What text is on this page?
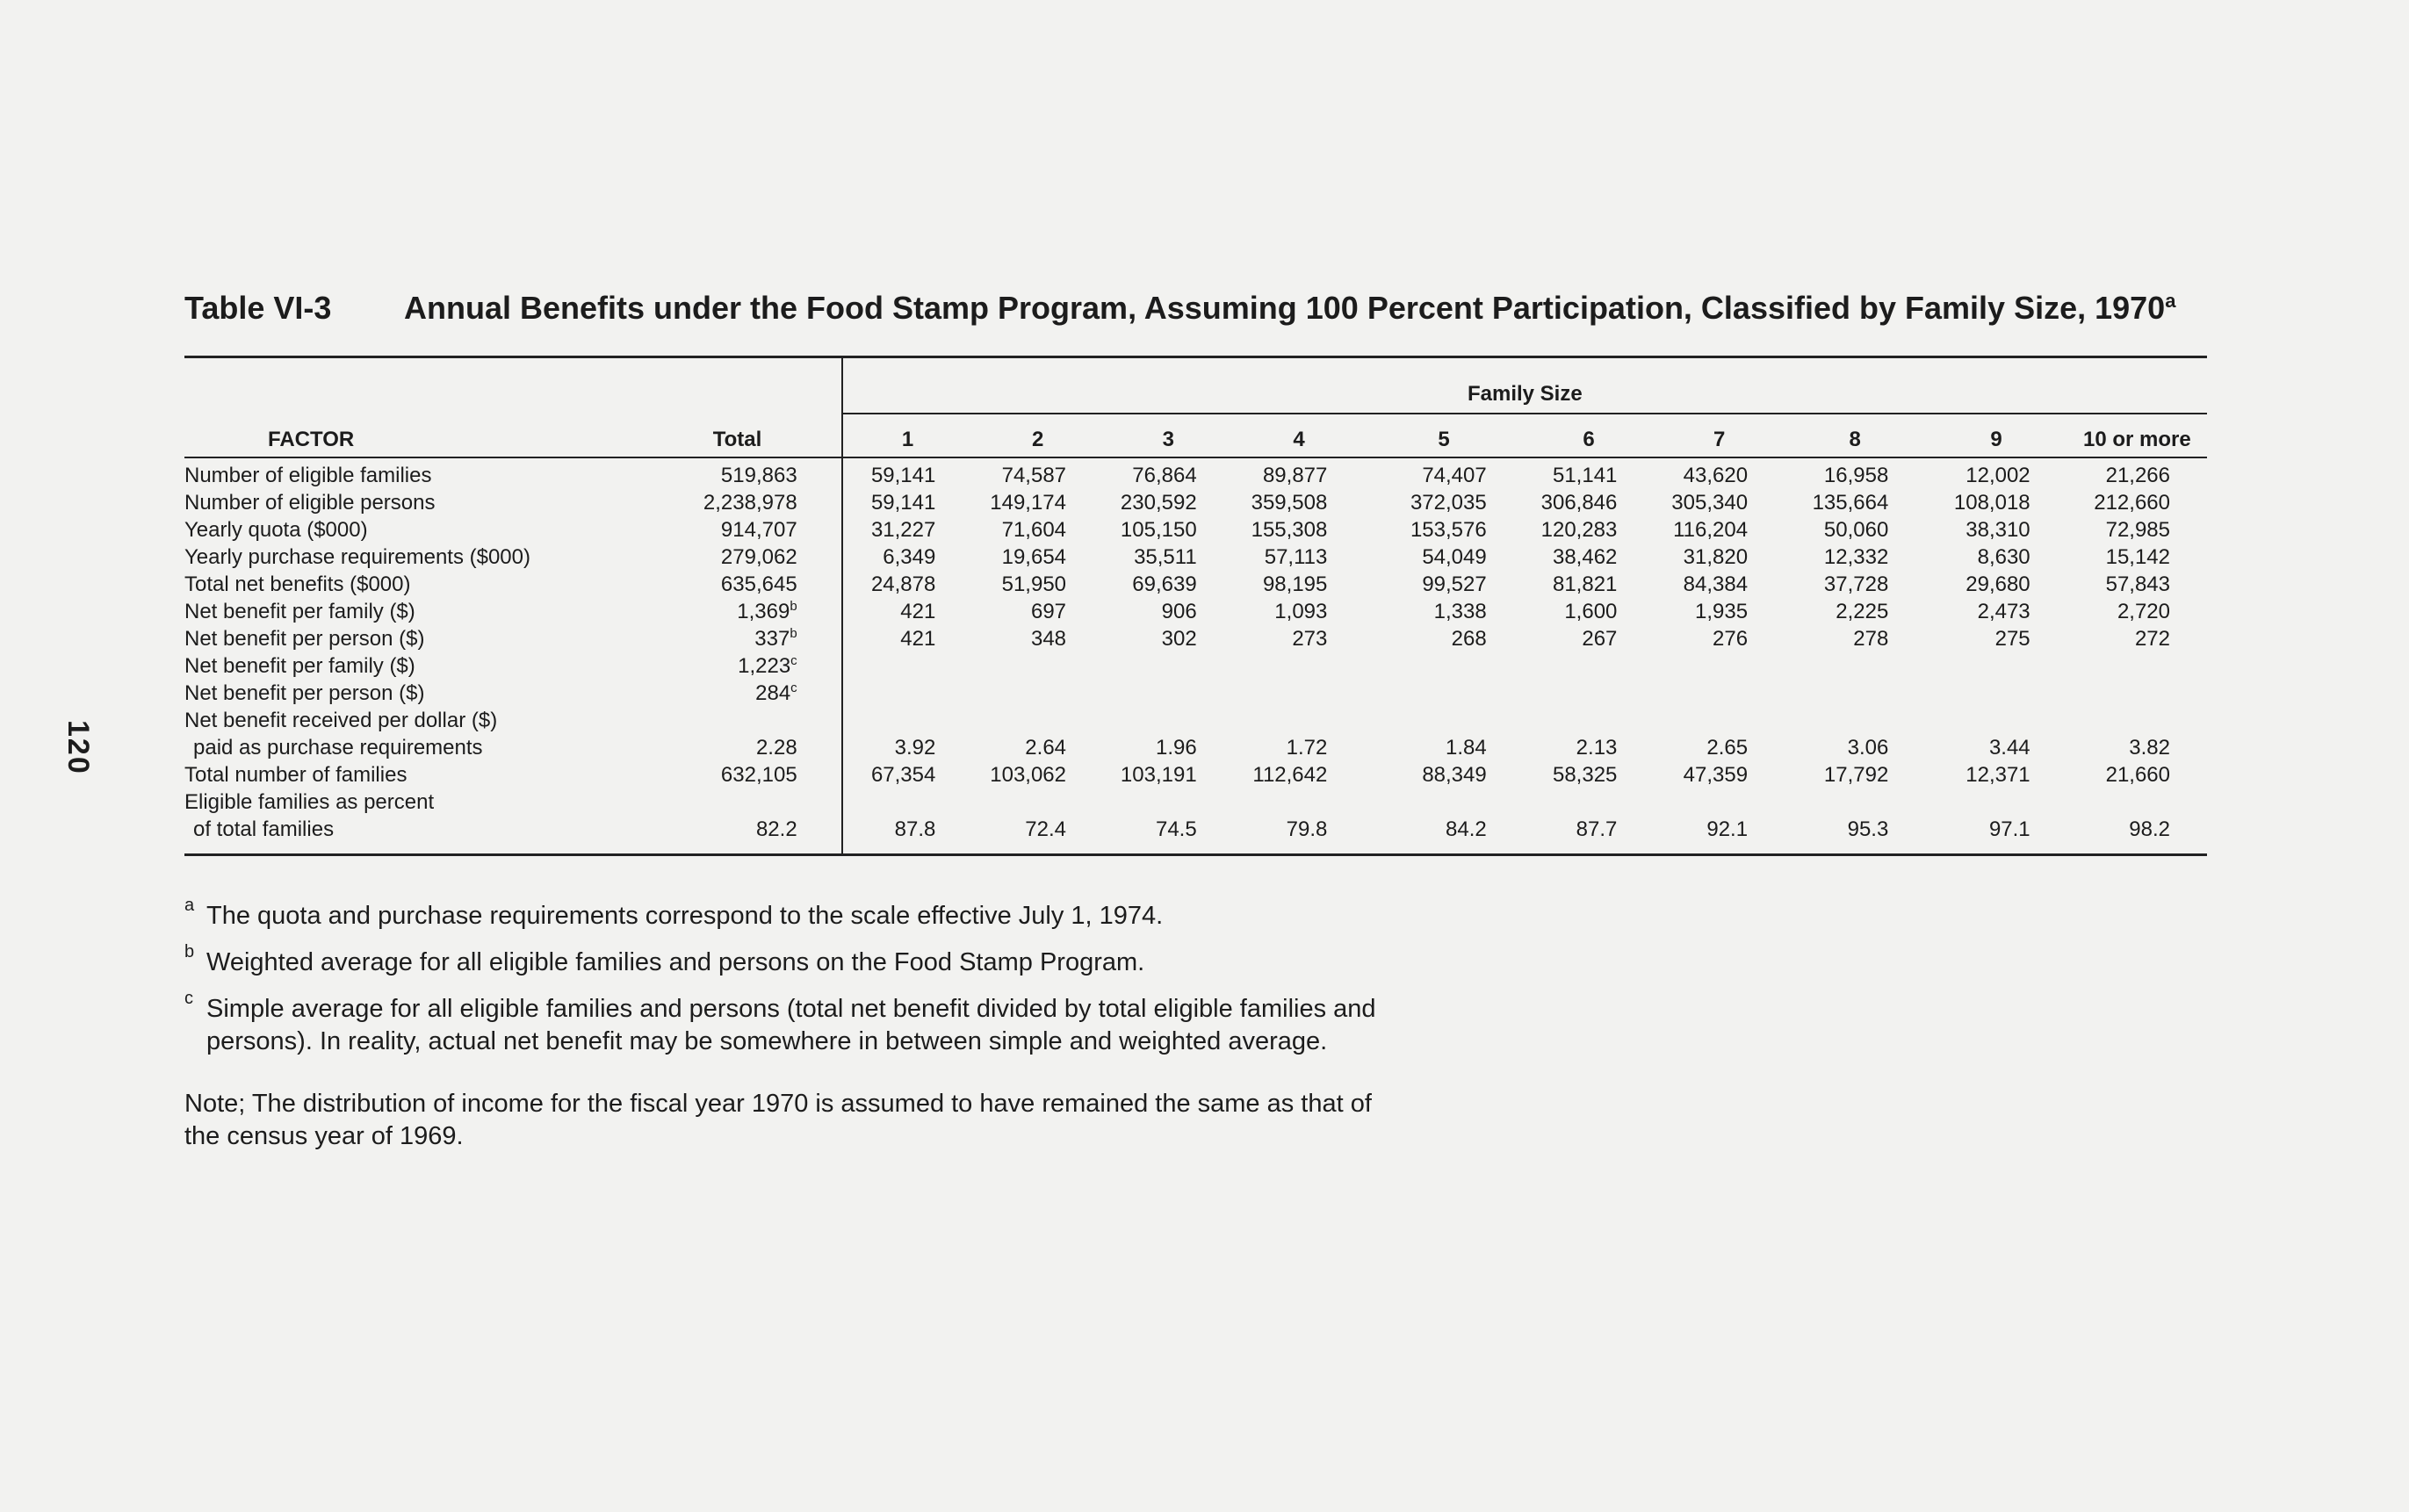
120
Table VI-3 Annual Benefits under the Food Stamp Program, Assuming 100 Percent Participation, Classified by Family Size, 1970$^a$
		Family Size									
FACTOR	Total	1	2	3	4	5	6	7	8	9	10 or more
Number of eligible families	519,863	59,141	74,587	76,864	89,877	74,407	51,141	43,620	16,958	12,002	21,266
Number of eligible persons	2,238,978	59,141	149,174	230,592	359,508	372,035	306,846	305,340	135,664	108,018	212,660
Yearly quota ($000)	914,707	31,227	71,604	105,150	155,308	153,576	120,283	116,204	50,060	38,310	72,985
Yearly purchase requirements ($000)	279,062	6,349	19,654	35,511	57,113	54,049	38,462	31,820	12,332	8,630	15,142
Total net benefits ($000)	635,645	24,878	51,950	69,639	98,195	99,527	81,821	84,384	37,728	29,680	57,843
Net benefit per family ($)	1,369$^b$	421	697	906	1,093	1,338	1,600	1,935	2,225	2,473	2,720
Net benefit per person ($)	337$^b$	421	348	302	273	268	267	276	278	275	272
Net benefit per family ($)	1,223$^c$										
Net benefit per person ($)	284$^c$										
Net benefit received per dollar ($)											
paid as purchase requirements	2.28	3.92	2.64	1.96	1.72	1.84	2.13	2.65	3.06	3.44	3.82
Total number of families	632,105	67,354	103,062	103,191	112,642	88,349	58,325	47,359	17,792	12,371	21,660
Eligible families as percent											
of total families	82.2	87.8	72.4	74.5	79.8	84.2	87.7	92.1	95.3	97.1	98.2
a The quota and purchase requirements correspond to the scale effective July 1, 1974.
b Weighted average for all eligible families and persons on the Food Stamp Program.
c Simple average for all eligible families and persons (total net benefit divided by total eligible families and persons). In reality, actual net benefit may be somewhere in between simple and weighted average.
Note; The distribution of income for the fiscal year 1970 is assumed to have remained the same as that of the census year of 1969.
